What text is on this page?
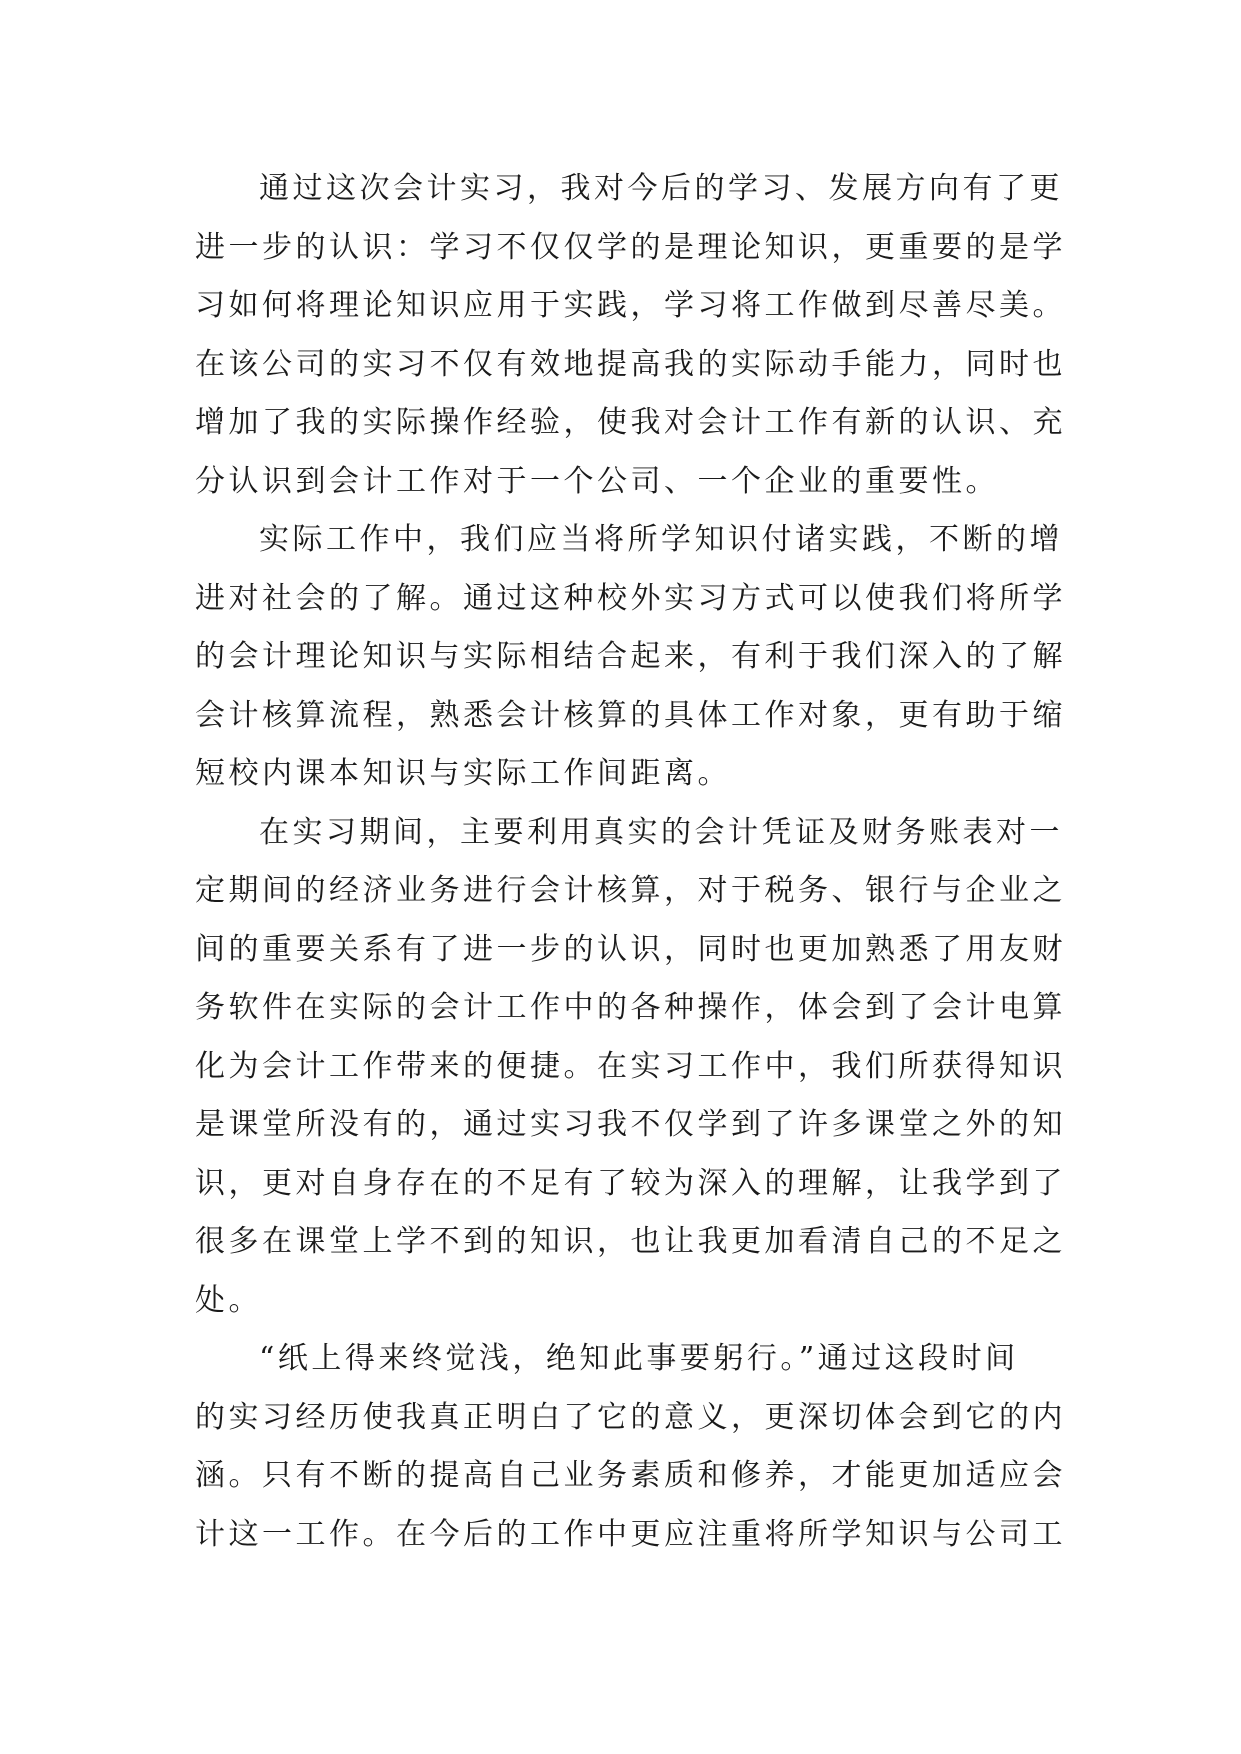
通过这次会计实习，我对今后的学习、发展方向有了更
进一步的认识：学习不仅仅学的是理论知识，更重要的是学
习如何将理论知识应用于实践，学习将工作做到尽善尽美。
在该公司的实习不仅有效地提高我的实际动手能力，同时也
增加了我的实际操作经验，使我对会计工作有新的认识、充
分认识到会计工作对于一个公司、一个企业的重要性。

实际工作中，我们应当将所学知识付诸实践，不断的增
进对社会的了解。通过这种校外实习方式可以使我们将所学
的会计理论知识与实际相结合起来，有利于我们深入的了解
会计核算流程，熟悉会计核算的具体工作对象，更有助于缩
短校内课本知识与实际工作间距离。

在实习期间，主要利用真实的会计凭证及财务账表对一
定期间的经济业务进行会计核算，对于税务、银行与企业之
间的重要关系有了进一步的认识，同时也更加熟悉了用友财
务软件在实际的会计工作中的各种操作，体会到了会计电算
化为会计工作带来的便捷。在实习工作中，我们所获得知识
是课堂所没有的，通过实习我不仅学到了许多课堂之外的知
识，更对自身存在的不足有了较为深入的理解，让我学到了
很多在课堂上学不到的知识，也让我更加看清自己的不足之
处。

“纸上得来终觉浅，绝知此事要躬行。”通过这段时间
的实习经历使我真正明白了它的意义，更深切体会到它的内
涵。只有不断的提高自己业务素质和修养，才能更加适应会
计这一工作。在今后的工作中更应注重将所学知识与公司工
